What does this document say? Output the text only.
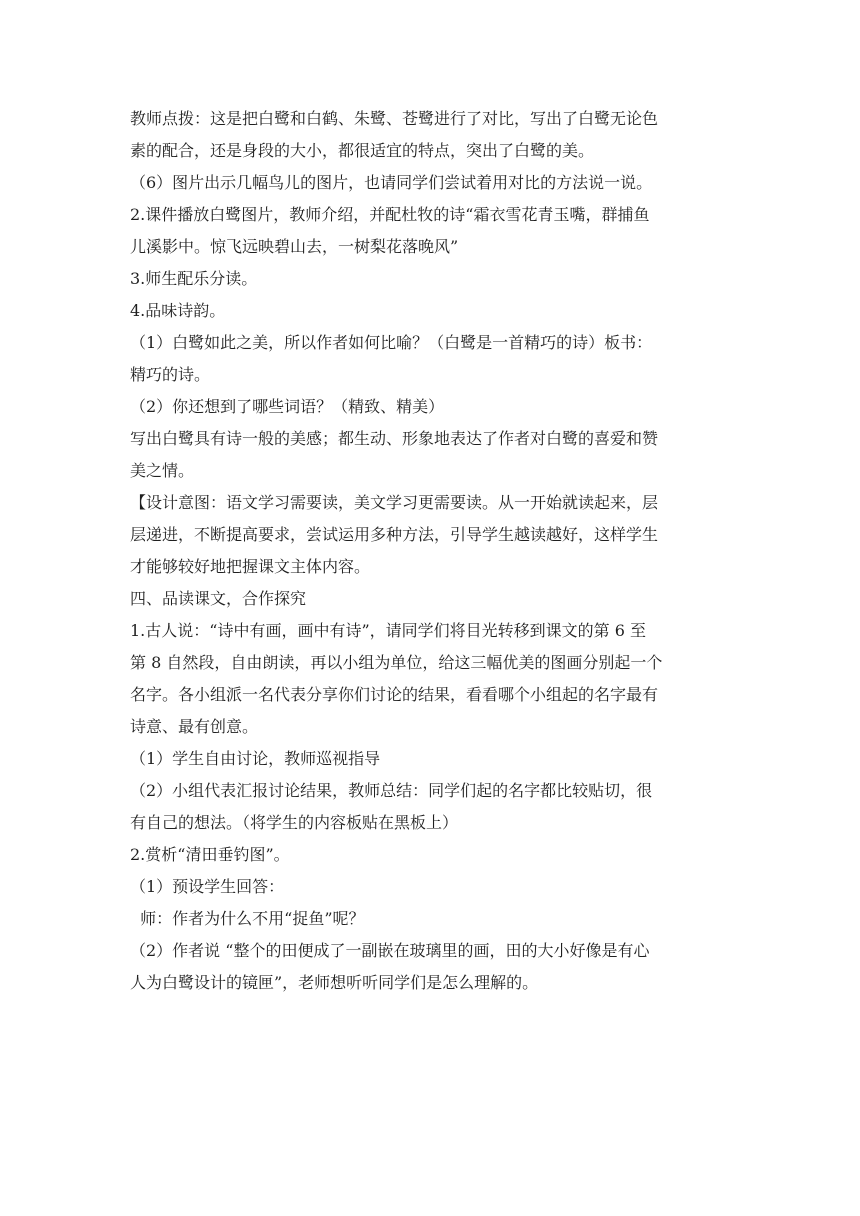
教师点拨：这是把白鹭和白鹤、朱鹭、苍鹭进行了对比，写出了白鹭无论色
素的配合，还是身段的大小，都很适宜的特点，突出了白鹭的美。
（6）图片出示几幅鸟儿的图片，也请同学们尝试着用对比的方法说一说。
2.课件播放白鹭图片，教师介绍，并配杜牧的诗“霜衣雪花青玉嘴，群捕鱼
儿溪影中。惊飞远映碧山去，一树梨花落晚风”
3.师生配乐分读。
4.品味诗韵。
（1）白鹭如此之美，所以作者如何比喻？（白鹭是一首精巧的诗）板书：
精巧的诗。
（2）你还想到了哪些词语？（精致、精美）
写出白鹭具有诗一般的美感；都生动、形象地表达了作者对白鹭的喜爱和赞
美之情。
【设计意图：语文学习需要读，美文学习更需要读。从一开始就读起来，层
层递进，不断提高要求，尝试运用多种方法，引导学生越读越好，这样学生
才能够较好地把握课文主体内容。
四、品读课文，合作探究
1.古人说：“诗中有画，画中有诗”，请同学们将目光转移到课文的第 6 至
第 8 自然段，自由朗读，再以小组为单位，给这三幅优美的图画分别起一个
名字。各小组派一名代表分享你们讨论的结果，看看哪个小组起的名字最有
诗意、最有创意。
（1）学生自由讨论，教师巡视指导
（2）小组代表汇报讨论结果，教师总结：同学们起的名字都比较贴切，很
有自己的想法。（将学生的内容板贴在黑板上）
2.赏析“清田垂钓图”。
（1）预设学生回答：
师：作者为什么不用“捉鱼”呢？
（2）作者说 “整个的田便成了一副嵌在玻璃里的画，田的大小好像是有心
人为白鹭设计的镜匣”，老师想听听同学们是怎么理解的。
